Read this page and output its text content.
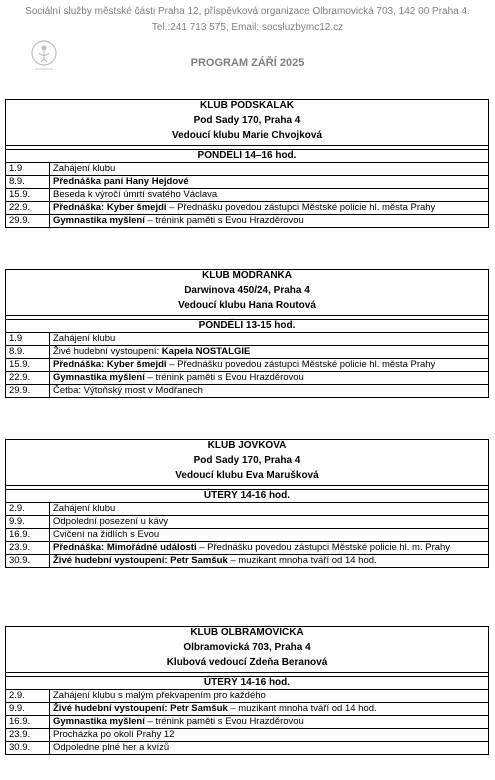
Sociální služby městské části Praha 12, příspěvková organizace Olbramovická 703, 142 00 Praha 4.
Tel.:241 713 575, Email: socsluzbymc12.cz
PROGRAM ZÁŘÍ 2025
KLUB PODSKALÁK
Pod Sady 170, Praha 4
Vedoucí klubu Marie Chvojková	

PONDĚLÍ 14–16 hod.	
1.9	Zahájení klubu
8.9.	Přednáška paní Hany Hejdové
15.9.	Beseda k výročí úmrtí svatého Václava
22.9.	Přednáška: Kyber šmejdi – Přednášku povedou zástupci Městské policie hl. města Prahy
29.9.	Gymnastika myšlení – trénink paměti s Evou Hrazděrovou
KLUB MODŘANKA
Darwinova 450/24, Praha 4
Vedoucí klubu Hana Routová	

PONDĚLÍ 13-15 hod.	
1.9	Zahájení klubu
8.9.	Živé hudební vystoupení: Kapela NOSTALGIE
15.9.	Přednáška: Kyber šmejdi – Přednášku povedou zástupci Městské policie hl. města Prahy
22.9.	Gymnastika myšlení – trénink paměti s Evou Hrazděrovou
29.9.	Četba: Výtoňský most v Modřanech
KLUB JOVKOVA
Pod Sady 170, Praha 4
Vedoucí klubu Eva Marušková	

ÚTERÝ 14-16 hod.	
2.9.	Zahájení klubu
9.9.	Odpolední posezení u kávy
16.9.	Cvičení na židlích s Evou
23.9.	Přednáška: Mimořádné události – Přednášku povedou zástupci Městské policie hl. m. Prahy
30.9.	Živé hudební vystoupení: Petr Samšuk – muzikant mnoha tváří od 14 hod.
KLUB OLBRAMOVICKÁ
Olbramovická 703, Praha 4
Klubová vedoucí Zdeňa Beranová	

ÚTERÝ 14-16 hod.	
2.9.	Zahájení klubu s malým překvapením pro každého
9.9.	Živé hudební vystoupení: Petr Samšuk – muzikant mnoha tváří od 14 hod.
16.9.	Gymnastika myšlení – trénink paměti s Evou Hrazděrovou
23.9.	Procházka po okolí Prahy 12
30.9.	Odpoledne plné her a kvízů
